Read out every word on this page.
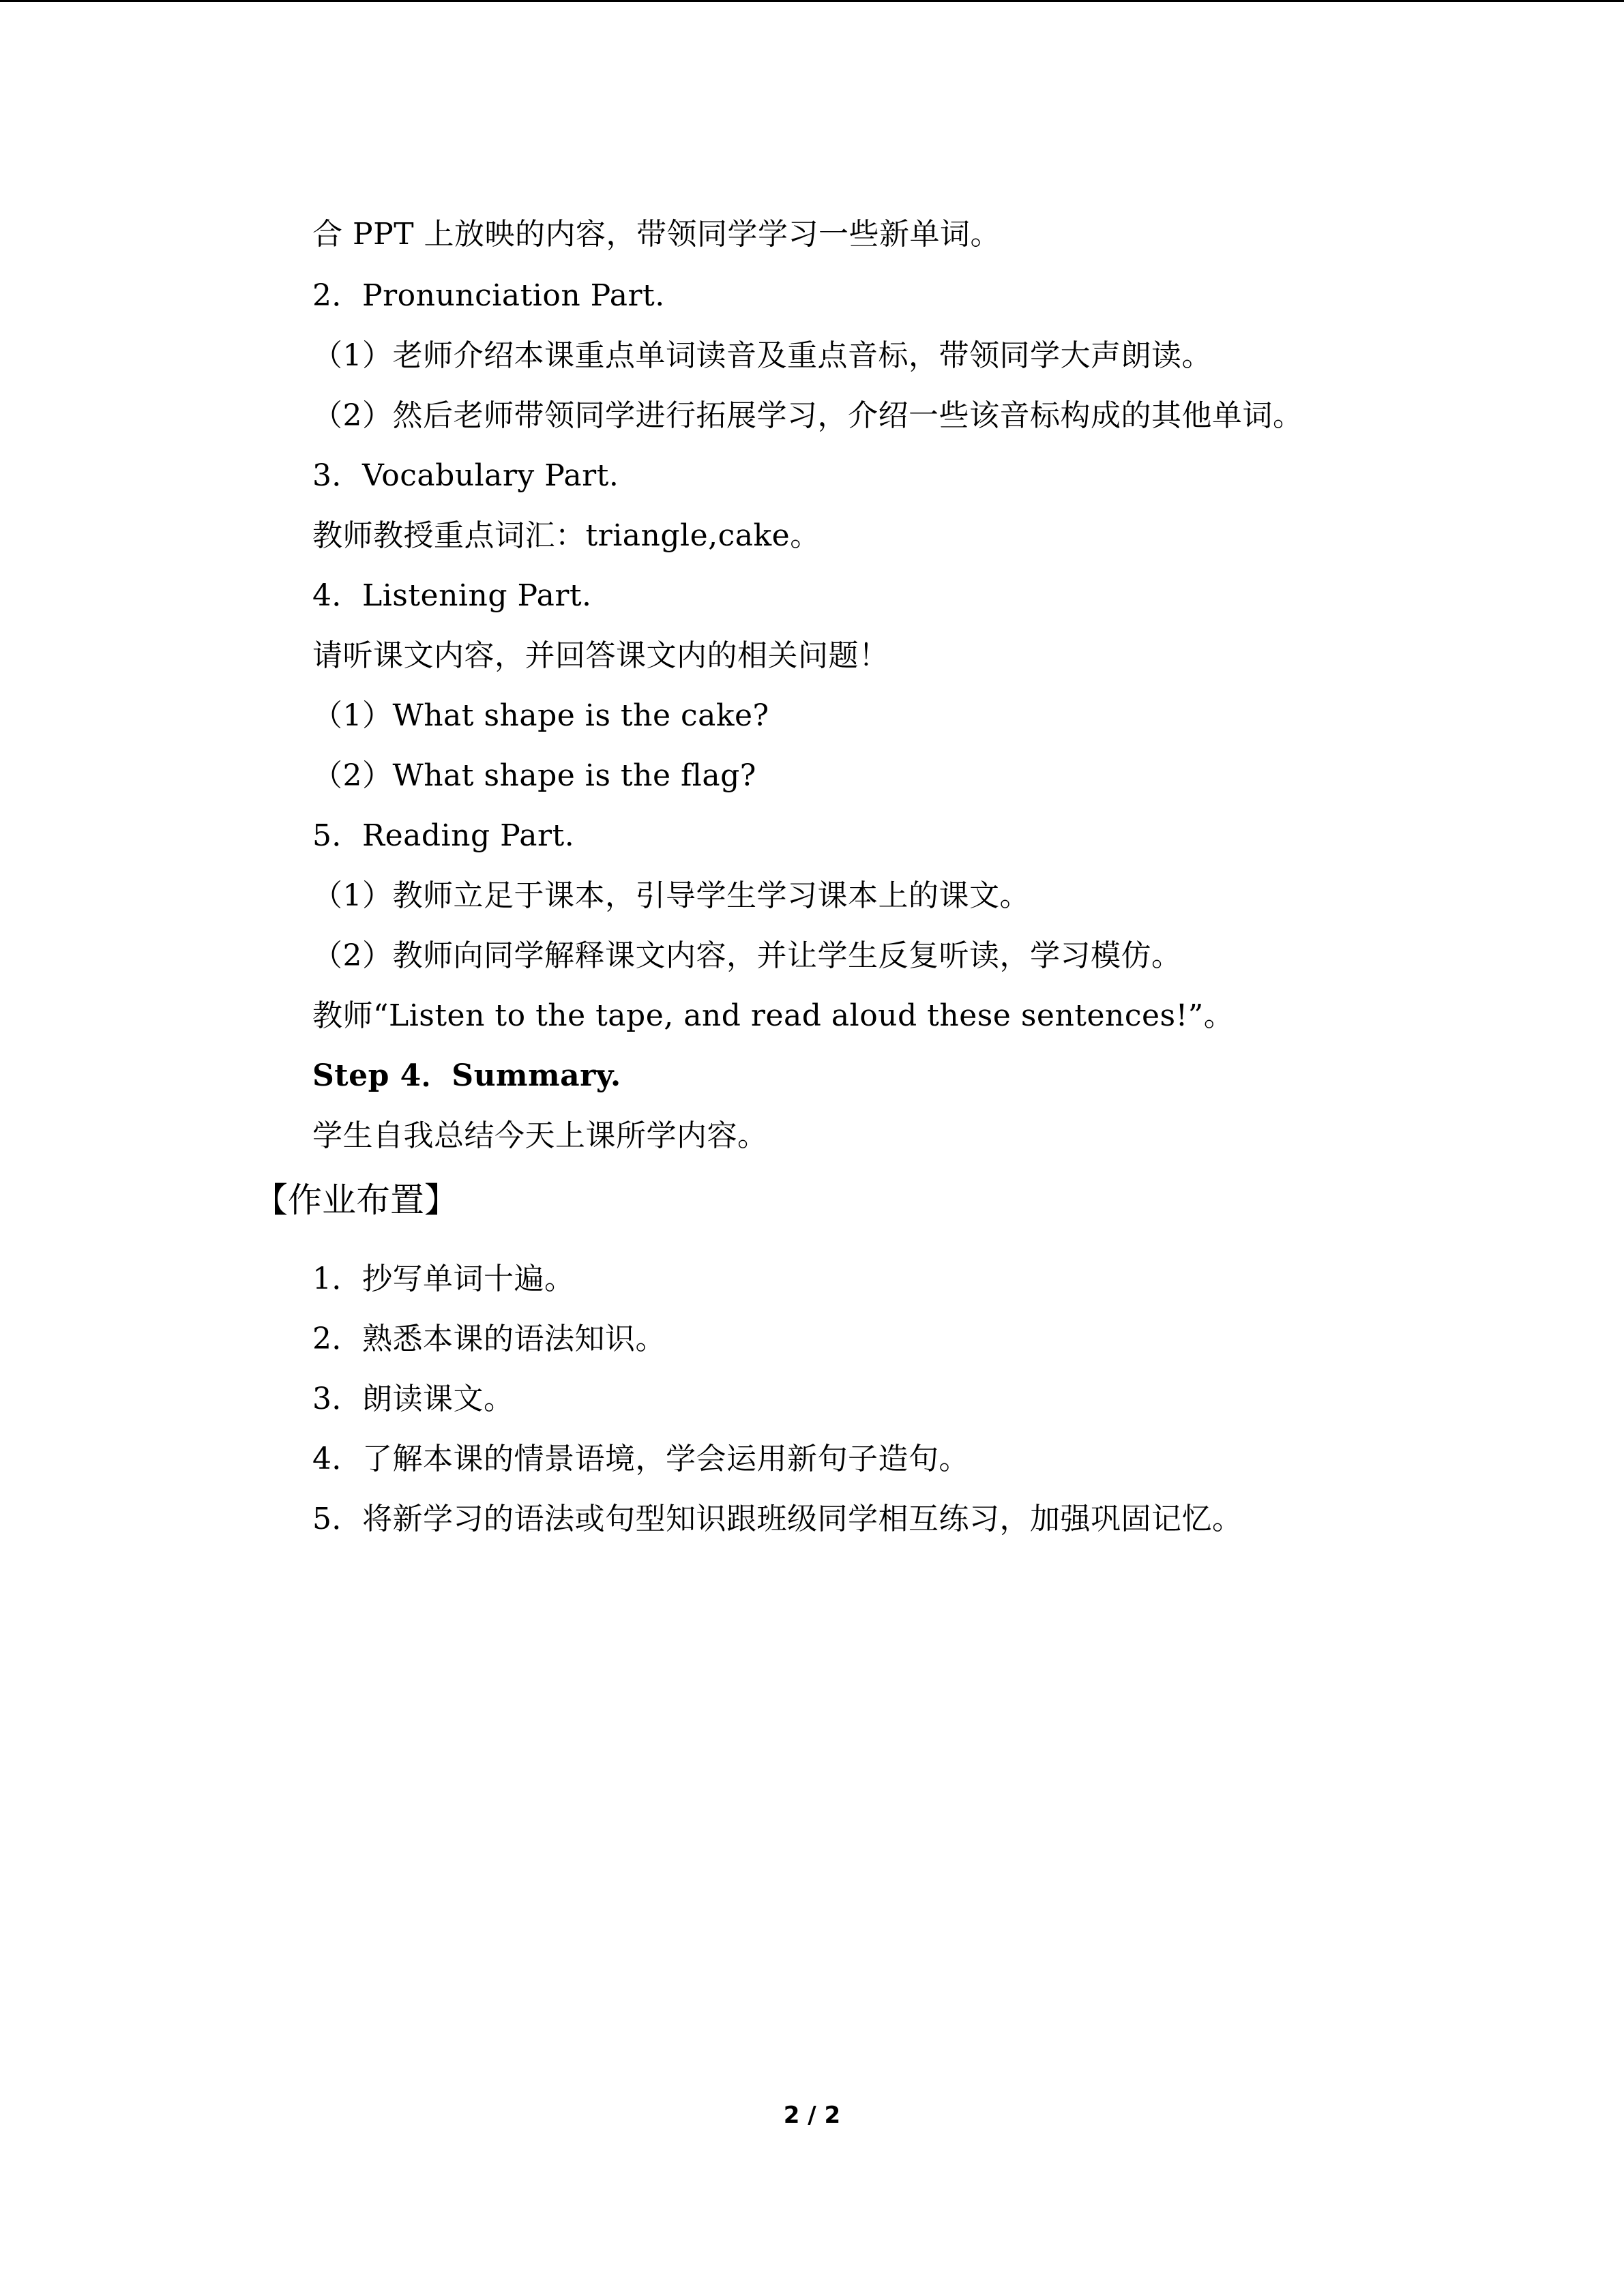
合 PPT 上放映的内容，带领同学学习一些新单词。
2．Pronunciation Part.
（1）老师介绍本课重点单词读音及重点音标，带领同学大声朗读。
（2）然后老师带领同学进行拓展学习，介绍一些该音标构成的其他单词。
3．Vocabulary Part.
教师教授重点词汇：triangle,cake。
4．Listening Part.
请听课文内容，并回答课文内的相关问题！
（1）What shape is the cake?
（2）What shape is the flag?
5．Reading Part.
（1）教师立足于课本，引导学生学习课本上的课文。
（2）教师向同学解释课文内容，并让学生反复听读，学习模仿。
教师“Listen to the tape, and read aloud these sentences!”。
Step 4．Summary.
学生自我总结今天上课所学内容。
【作业布置】
1．抄写单词十遍。
2．熟悉本课的语法知识。
3．朗读课文。
4．了解本课的情景语境，学会运用新句子造句。
5．将新学习的语法或句型知识跟班级同学相互练习，加强巩固记忆。
2 / 2
